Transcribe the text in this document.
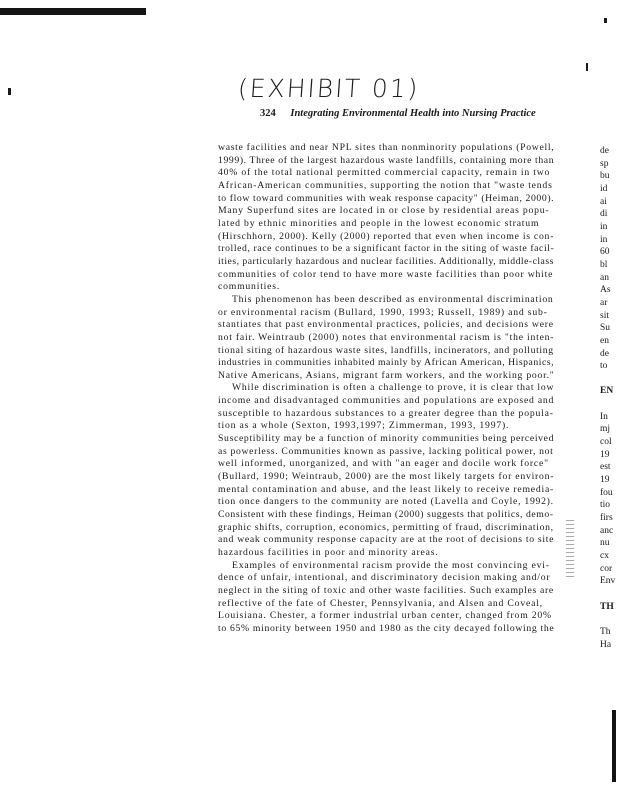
(EXHIBIT 01)
324 Integrating Environmental Health into Nursing Practice
waste facilities and near NPL sites than nonminority populations (Powell,
1999). Three of the largest hazardous waste landfills, containing more than
40% of the total national permitted commercial capacity, remain in two
African-American communities, supporting the notion that "waste tends
to flow toward communities with weak response capacity" (Heiman, 2000).
Many Superfund sites are located in or close by residential areas popu-
lated by ethnic minorities and people in the lowest economic stratum
(Hirschhorn, 2000). Kelly (2000) reported that even when income is con-
trolled, race continues to be a significant factor in the siting of waste facil-
ities, particularly hazardous and nuclear facilities. Additionally, middle-class
communities of color tend to have more waste facilities than poor white
communities.
This phenomenon has been described as environmental discrimination
or environmental racism (Bullard, 1990, 1993; Russell, 1989) and sub-
stantiates that past environmental practices, policies, and decisions were
not fair. Weintraub (2000) notes that environmental racism is "the inten-
tional siting of hazardous waste sites, landfills, incinerators, and polluting
industries in communities inhabited mainly by African American, Hispanics,
Native Americans, Asians, migrant farm workers, and the working poor."
While discrimination is often a challenge to prove, it is clear that low
income and disadvantaged communities and populations are exposed and
susceptible to hazardous substances to a greater degree than the popula-
tion as a whole (Sexton, 1993,1997; Zimmerman, 1993, 1997).
Susceptibility may be a function of minority communities being perceived
as powerless. Communities known as passive, lacking political power, not
well informed, unorganized, and with "an eager and docile work force"
(Bullard, 1990; Weintraub, 2000) are the most likely targets for environ-
mental contamination and abuse, and the least likely to receive remedia-
tion once dangers to the community are noted (Lavella and Coyle, 1992).
Consistent with these findings, Heiman (2000) suggests that politics, demo-
graphic shifts, corruption, economics, permitting of fraud, discrimination,
and weak community response capacity are at the root of decisions to site
hazardous facilities in poor and minority areas.
Examples of environmental racism provide the most convincing evi-
dence of unfair, intentional, and discriminatory decision making and/or
neglect in the siting of toxic and other waste facilities. Such examples are
reflective of the fate of Chester, Pennsylvania, and Alsen and Coveal,
Louisiana. Chester, a former industrial urban center, changed from 20%
to 65% minority between 1950 and 1980 as the city decayed following the
de
sp
bu
id
ai
di
in
in
60
bl
an
As
ar
sit
Su
en
de
to

EN

In
mj
col
19
est
19
fou
tio
firs
anc
nu
cx
cor
Env

TH

Th
Ha
